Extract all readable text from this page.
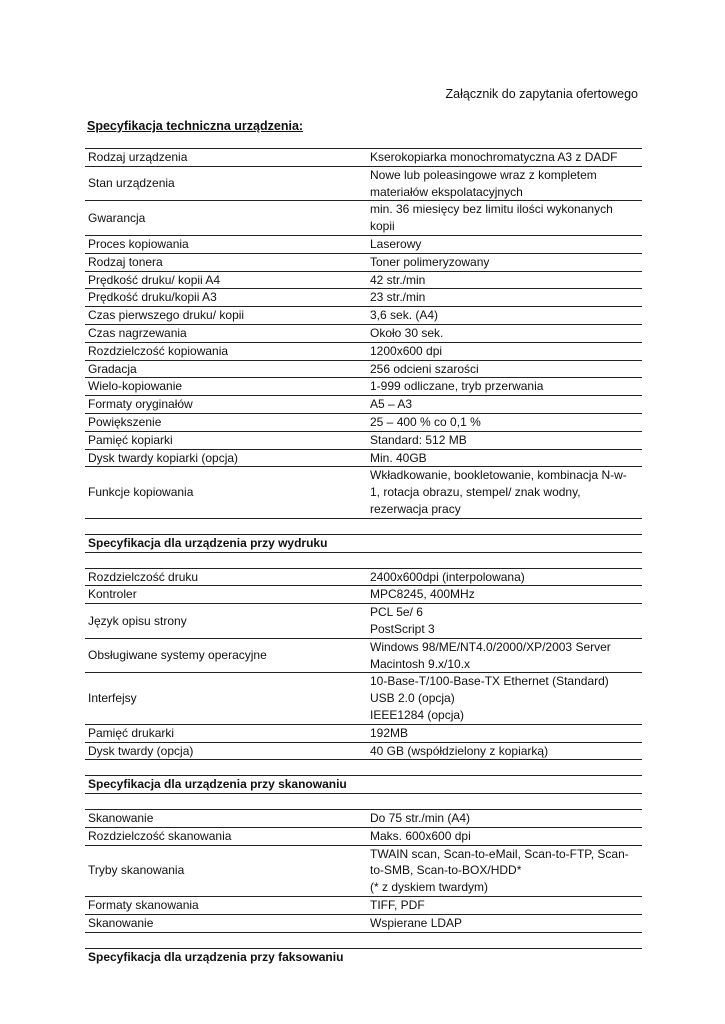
Załącznik do zapytania ofertowego
Specyfikacja techniczna urządzenia:
Rodzaj urządzenia	Kserokopiarka monochromatyczna A3 z DADF

Stan urządzenia	Nowe lub poleasingowe wraz z kompletem
materiałów ekspolatacyjnych

Gwarancja	min. 36 miesięcy bez limitu ilości wykonanych
kopii

Proces kopiowania	Laserowy

Rodzaj tonera	Toner polimeryzowany

Prędkość druku/ kopii A4	42 str./min

Prędkość druku/kopii A3	23 str./min

Czas pierwszego druku/ kopii	3,6 sek. (A4)

Czas nagrzewania	Około 30 sek.

Rozdzielczość kopiowania	1200x600 dpi

Gradacja	256 odcieni szarości

Wielo-kopiowanie	1-999 odliczane, tryb przerwania

Formaty oryginałów	A5 – A3

Powiększenie	25 – 400 % co 0,1 %

Pamięć kopiarki	Standard: 512 MB

Dysk twardy kopiarki (opcja)	Min. 40GB

Funkcje kopiowania	Wkładkowanie, bookletowanie, kombinacja N-w-
1, rotacja obrazu, stempel/ znak wodny,
rezerwacja pracy

Specyfikacja dla urządzenia przy wydruku	

Rozdzielczość druku	2400x600dpi (interpolowana)

Kontroler	MPC8245, 400MHz

Język opisu strony	PCL 5e/ 6
PostScript 3

Obsługiwane systemy operacyjne	Windows 98/ME/NT4.0/2000/XP/2003 Server
Macintosh 9.x/10.x

Interfejsy	10-Base-T/100-Base-TX Ethernet (Standard)
USB 2.0 (opcja)
IEEE1284 (opcja)

Pamięć drukarki	192MB

Dysk twardy (opcja)	40 GB (współdzielony z kopiarką)

Specyfikacja dla urządzenia przy skanowaniu	

Skanowanie	Do 75 str./min (A4)

Rozdzielczość skanowania	Maks. 600x600 dpi

Tryby skanowania	TWAIN scan, Scan-to-eMail, Scan-to-FTP, Scan-
to-SMB, Scan-to-BOX/HDD*
(* z dyskiem twardym)

Formaty skanowania	TIFF, PDF

Skanowanie	Wspierane LDAP

Specyfikacja dla urządzenia przy faksowaniu	
